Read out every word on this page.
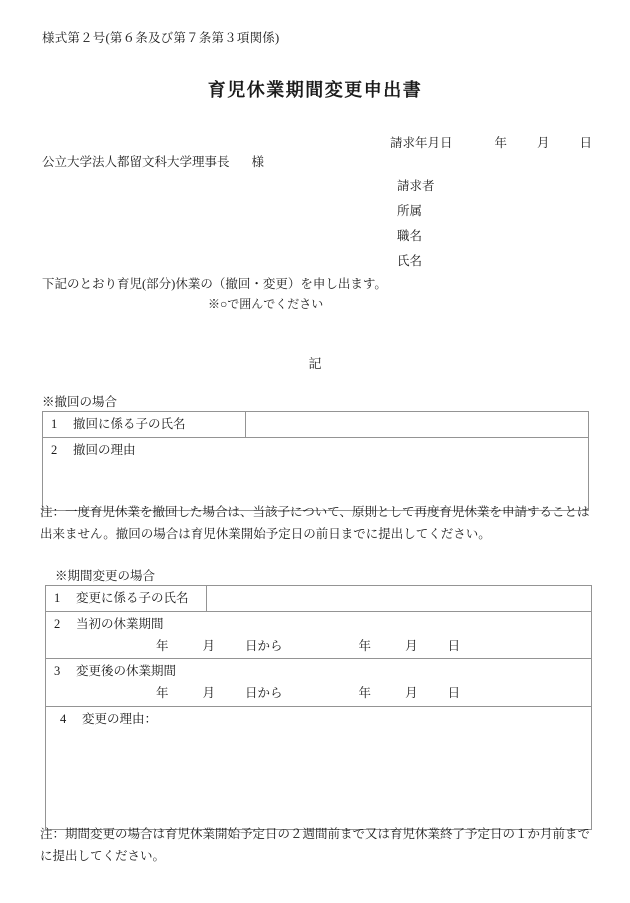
様式第２号(第６条及び第７条第３項関係)
育児休業期間変更申出書
請求年月日	年 月 日
公立大学法人都留文科大学理事長 様
請求者
所属
職名
氏名
下記のとおり育児(部分)休業の（撤回・変更）を申し出ます。
※○で囲んでください
記
※撤回の場合
1 撤回に係る子の氏名

2 撤回の理由
注：一度育児休業を撤回した場合は、当該子について、原則として再度育児休業を申請することは出来ません。撤回の場合は育児休業開始予定日の前日までに提出してください。
※期間変更の場合
1 変更に係る子の氏名

2 当初の休業期間
年	月 日から	年	月 日

3 変更後の休業期間
年	月 日から	年	月 日

4 変更の理由：
注：期間変更の場合は育児休業開始予定日の２週間前まで又は育児休業終了予定日の１か月前までに提出してください。
